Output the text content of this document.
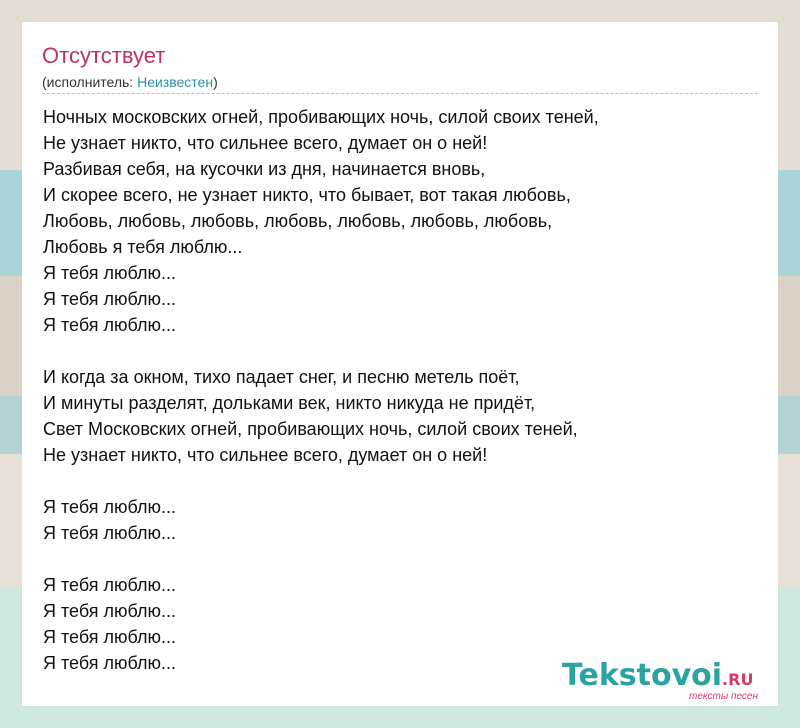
Отсутствует
(исполнитель: Неизвестен)
Ночных московских огней, пробивающих ночь, силой своих теней,
Не узнает никто, что сильнее всего, думает он о ней!
Разбивая себя, на кусочки из дня, начинается вновь,
И скорее всего, не узнает никто, что бывает, вот такая любовь,
Любовь, любовь, любовь, любовь, любовь, любовь, любовь,
Любовь я тебя люблю...
Я тебя люблю...
Я тебя люблю...
Я тебя люблю...
И когда за окном, тихо падает снег, и песню метель поёт,
И минуты разделят, дольками век, никто никуда не придёт,
Свет Московских огней, пробивающих ночь, силой своих теней,
Не узнает никто, что сильнее всего, думает он о ней!
Я тебя люблю...
Я тебя люблю...
Я тебя люблю...
Я тебя люблю...
Я тебя люблю...
Я тебя люблю...	Tekstovoi.RU
тексты песен
